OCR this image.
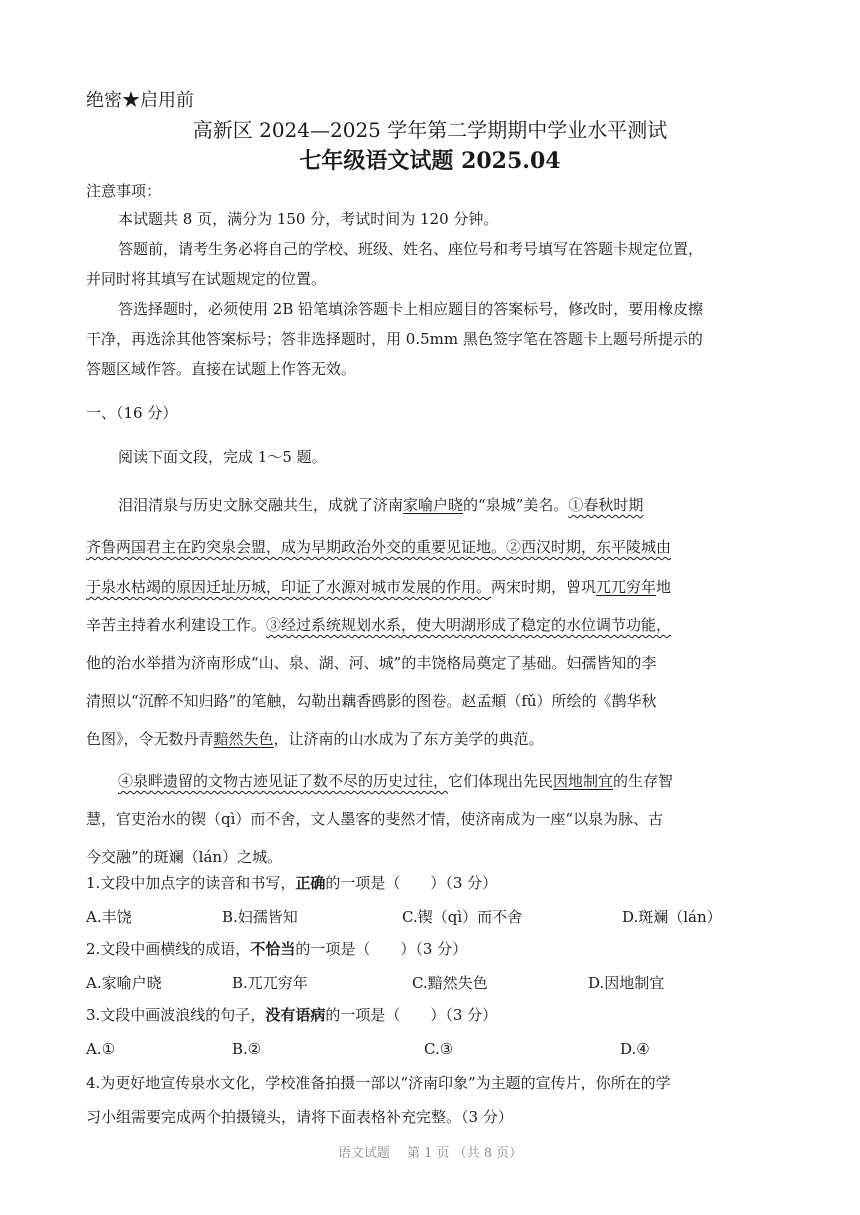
绝密★启用前
高新区 2024—2025 学年第二学期期中学业水平测试
七年级语文试题 2025.04
注意事项：
本试题共 8 页，满分为 150 分，考试时间为 120 分钟。
答题前，请考生务必将自己的学校、班级、姓名、座位号和考号填写在答题卡规定位置，
并同时将其填写在试题规定的位置。
答选择题时，必须使用 2B 铅笔填涂答题卡上相应题目的答案标号，修改时，要用橡皮擦
干净，再选涂其他答案标号；答非选择题时，用 0.5mm 黑色签字笔在答题卡上题号所提示的
答题区域作答。直接在试题上作答无效。
一、（16 分）
阅读下面文段，完成 1～5 题。
泪泪清泉与历史文脉交融共生，成就了济南家喻户晓的“泉城”美名。①春秋时期
齐鲁两国君主在趵突泉会盟，成为早期政治外交的重要见证地。②西汉时期，东平陵城由
于泉水枯竭的原因迁址历城，印证了水源对城市发展的作用。两宋时期，曾巩兀兀穷年地
辛苦主持着水利建设工作。③经过系统规划水系，使大明湖形成了稳定的水位调节功能，
他的治水举措为济南形成“山、泉、湖、河、城”的丰饶格局奠定了基础。妇孺皆知的李
清照以“沉醉不知归路”的笔触，勾勒出藕香鸥影的图卷。赵孟頫（fǔ）所绘的《鹊华秋
色图》，令无数丹青黯然失色，让济南的山水成为了东方美学的典范。
④泉畔遗留的文物古迹见证了数不尽的历史过往，它们体现出先民因地制宜的生存智
慧，官吏治水的锲（qì）而不舍，文人墨客的斐然才情，使济南成为一座“以泉为脉、古
今交融”的斑斓（lán）之城。
1.文段中加点字的读音和书写，正确的一项是（　　）（3 分）
A.丰饶	B.妇孺皆知	C.锲（qì）而不舍	D.斑斓（lán）
2.文段中画横线的成语，不恰当的一项是（　　）（3 分）
A.家喻户晓	B.兀兀穷年	C.黯然失色	D.因地制宜
3.文段中画波浪线的句子，没有语病的一项是（　　）（3 分）
A.①	B.②	C.③	D.④
4.为更好地宣传泉水文化，学校准备拍摄一部以“济南印象”为主题的宣传片，你所在的学
习小组需要完成两个拍摄镜头，请将下面表格补充完整。（3 分）
语文试题　 第 1 页 （共 8 页）
